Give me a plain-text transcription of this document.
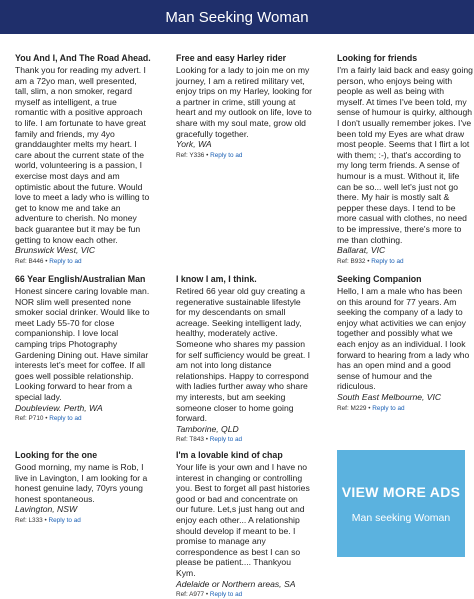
Man Seeking Woman
You And I, And The Road Ahead.
Thank you for reading my advert. I am a 72yo man, well presented, tall, slim, a non smoker, regard myself as intelligent, a true romantic with a positive approach to life. I am fortunate to have great family and friends, my 4yo granddaughter melts my heart. I care about the current state of the world, volunteering is a passion, I exercise most days and am optimistic about the future. Would love to meet a lady who is willing to get to know me and take an adventure to cherish. No money back guarantee but it may be fun getting to know each other.
Brunswick West, VIC
Ref: B446 • Reply to ad
66 Year English/Australian Man
Honest sincere caring lovable man. NOR slim well presented none smoker social drinker. Would like to meet Lady 55-70 for close companionship. I love local camping trips Photography Gardening Dining out. Have similar interests let's meet for coffee. If all goes well possible relationship. Looking forward to hear from a special lady.
Doubleview. Perth, WA
Ref: P710 • Reply to ad
Looking for the one
Good morning, my name is Rob, I live in Lavington, I am looking for a honest genuine lady, 70yrs young honest spontaneous.
Lavington, NSW
Ref: L333 • Reply to ad
Free and easy Harley rider
Looking for a lady to join me on my journey, I am a retired military vet, enjoy trips on my Harley, looking for a partner in crime, still young at heart and my outlook on life, love to share with my soul mate, grow old gracefully together.
York, WA
Ref: Y336 • Reply to ad
I know I am, I think.
Retired 66 year old guy creating a regenerative sustainable lifestyle for my descendants on small acreage. Seeking intelligent lady, healthy, moderately active. Someone who shares my passion for self sufficiency would be great. I am not into long distance relationships. Happy to correspond with ladies further away who share my interests, but am seeking someone closer to home going forward.
Tamborine, QLD
Ref: T843 • Reply to ad
I'm a lovable kind of chap
Your life is your own and I have no interest in changing or controlling you. Best to forget all past histories good or bad and concentrate on our future. Let,s just hang out and enjoy each other... A relationship should develop if meant to be. I promise to manage any correspondence as best I can so please be patient.... Thankyou Kym.
Adelaide or Northern areas, SA
Ref: A977 • Reply to ad
Looking for friends
I'm a fairly laid back and easy going person, who enjoys being with people as well as being with myself. At times I've been told, my sense of humour is quirky, although I don't usually remember jokes. I've been told my Eyes are what draw most people. Seems that I flirt a lot with them; :-), that's according to my long term friends. A sense of humour is a must. Without it, life can be so... well let's just not go there. My hair is mostly salt & pepper these days. I tend to be more casual with clothes, no need to be impressive, there's more to me than clothing.
Ballarat, VIC
Ref: B932 • Reply to ad
Seeking Companion
Hello, I am a male who has been on this around for 77 years. Am seeking the company of a lady to enjoy what activities we can enjoy together and possibly what we each enjoy as an individual. I look forward to hearing from a lady who has an open mind and a good sense of humour and the ridiculous.
South East Melbourne, VIC
Ref: M229 • Reply to ad
VIEW MORE ADS
Man seeking Woman
